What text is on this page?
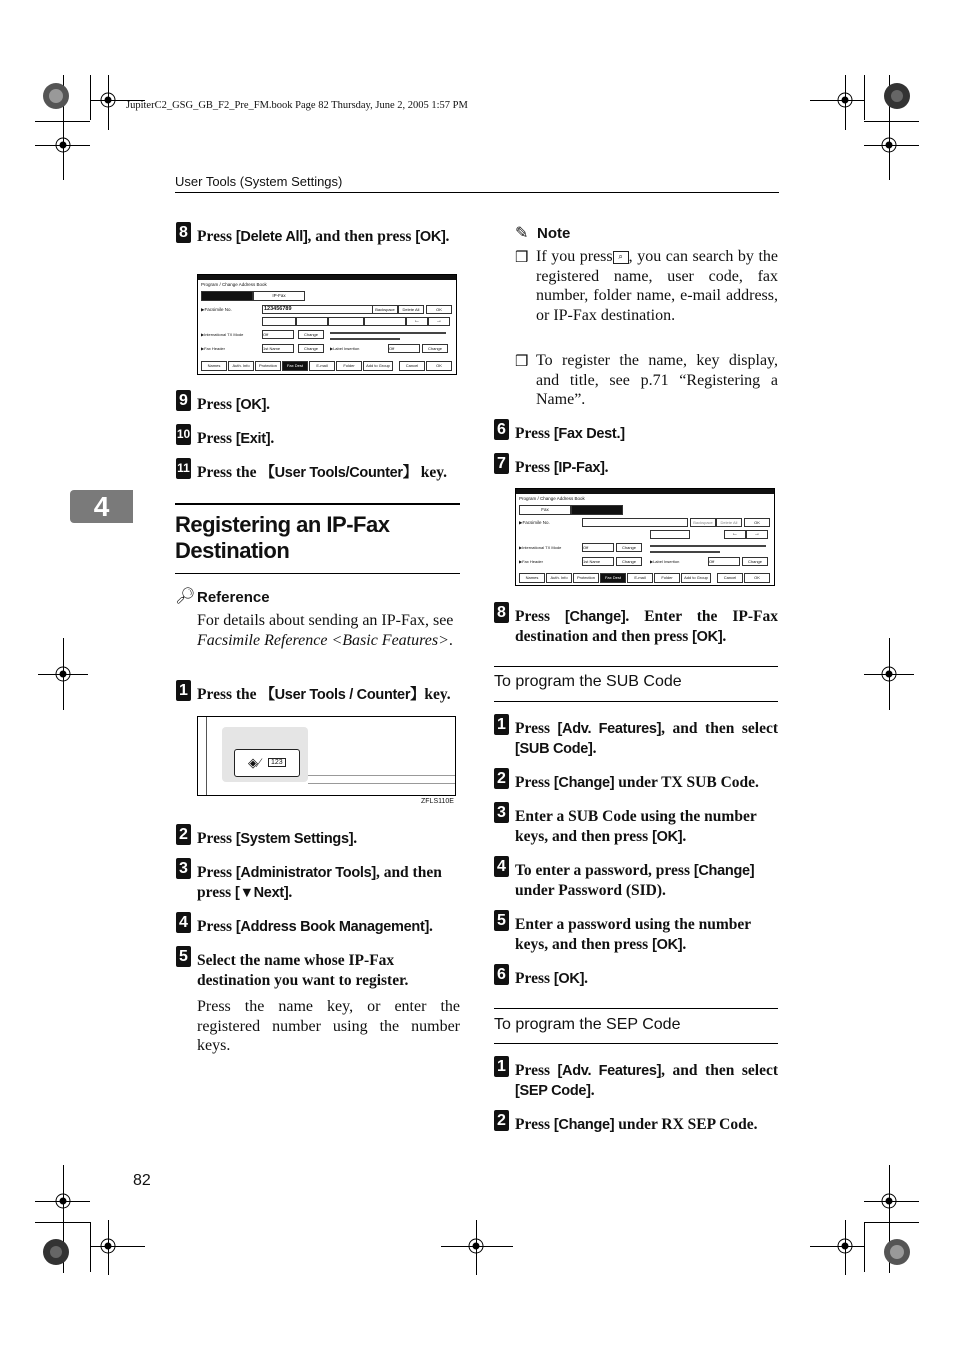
JupiterC2_GSG_GB_F2_Pre_FM.book Page 82 Thursday, June 2, 2005 1:57 PM
User Tools (System Settings)
4
8 Press [Delete All], and then press [OK].
Program / Change Address Book
IP-Fax
▶Facsimile No.	123456789	Backspace	Delete All	OK
←	→
▶International TX Mode	Off	Change
▶Fax Header	1st Name	Change	▶Label Insertion	Off	Change
Names	Auth. Info	Protection	Fax Dest	E-mail	Folder	Add to Group	Cancel	OK
9 Press [OK].
10 Press [Exit].
11 Press the 【User Tools/Counter】 key.
Registering an IP-Fax Destination
🔎︎ Reference
For details about sending an IP-Fax, see Facsimile Reference <Basic Features>.
1 Press the 【User Tools / Counter】key.
◈⁄	123
ZFLS110E
2 Press [System Settings].
3 Press [Administrator Tools], and then press [▼Next].
4 Press [Address Book Management].
5 Select the name whose IP-Fax destination you want to register.
Press the name key, or enter the registered number using the number keys.
✎ Note
❒ If you press ⌕ , you can search by the registered name, user code, fax number, folder name, e-mail address, or IP-Fax destination.
❒ To register the name, key display, and title, see p.71 “Registering a Name”.
6 Press [Fax Dest.]
7 Press [IP-Fax].
Program / Change Address Book
Fax
▶Facsimile No.	Backspace	Delete All	OK
←	→
▶International TX Mode	Off	Change
▶Fax Header	1st Name	Change	▶Label Insertion	Off	Change
Names	Auth. Info	Protection	Fax Dest	E-mail	Folder	Add to Group	Cancel	OK
8 Press [Change]. Enter the IP-Fax destination and then press [OK].
To program the SUB Code
1 Press [Adv. Features], and then select [SUB Code].
2 Press [Change] under TX SUB Code.
3 Enter a SUB Code using the number keys, and then press [OK].
4 To enter a password, press [Change] under Password (SID).
5 Enter a password using the number keys, and then press [OK].
6 Press [OK].
To program the SEP Code
1 Press [Adv. Features], and then select [SEP Code].
2 Press [Change] under RX SEP Code.
82
